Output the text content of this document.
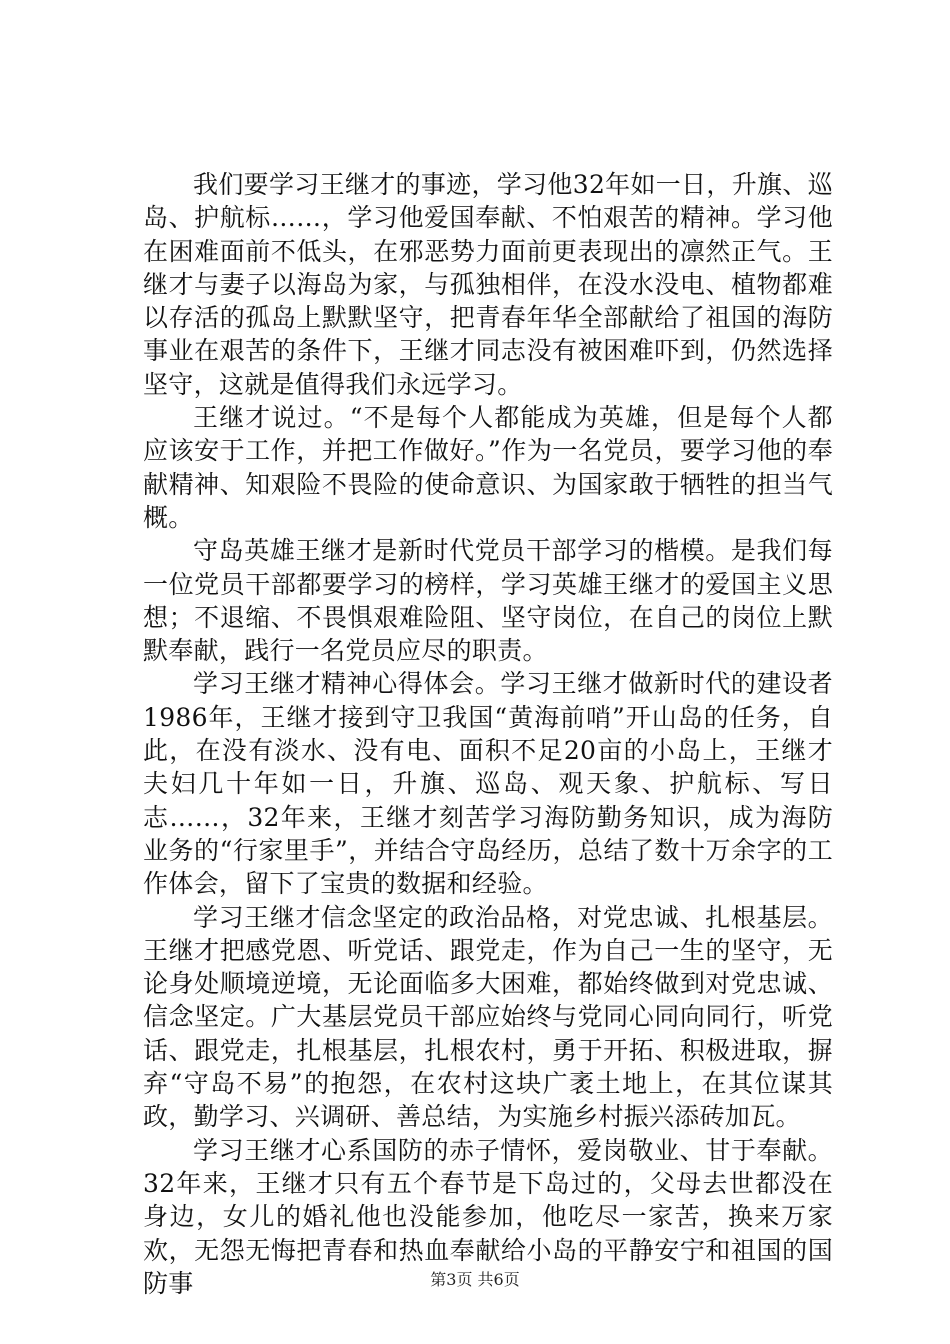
我们要学习王继才的事迹，学习他32年如一日，升旗、巡岛、护航标……，学习他爱国奉献、不怕艰苦的精神。学习他在困难面前不低头，在邪恶势力面前更表现出的凛然正气。王继才与妻子以海岛为家，与孤独相伴，在没水没电、植物都难以存活的孤岛上默默坚守，把青春年华全部献给了祖国的海防事业在艰苦的条件下，王继才同志没有被困难吓到，仍然选择坚守，这就是值得我们永远学习。

王继才说过。“不是每个人都能成为英雄，但是每个人都应该安于工作，并把工作做好。”作为一名党员，要学习他的奉献精神、知艰险不畏险的使命意识、为国家敢于牺牲的担当气概。

守岛英雄王继才是新时代党员干部学习的楷模。是我们每一位党员干部都要学习的榜样，学习英雄王继才的爱国主义思想；不退缩、不畏惧艰难险阻、坚守岗位，在自己的岗位上默默奉献，践行一名党员应尽的职责。

学习王继才精神心得体会。学习王继才做新时代的建设者1986年，王继才接到守卫我国“黄海前哨”开山岛的任务，自此，在没有淡水、没有电、面积不足20亩的小岛上，王继才夫妇几十年如一日，升旗、巡岛、观天象、护航标、写日志……，32年来，王继才刻苦学习海防勤务知识，成为海防业务的“行家里手”，并结合守岛经历，总结了数十万余字的工作体会，留下了宝贵的数据和经验。

学习王继才信念坚定的政治品格，对党忠诚、扎根基层。王继才把感党恩、听党话、跟党走，作为自己一生的坚守，无论身处顺境逆境，无论面临多大困难，都始终做到对党忠诚、信念坚定。广大基层党员干部应始终与党同心同向同行，听党话、跟党走，扎根基层，扎根农村，勇于开拓、积极进取，摒弃“守岛不易”的抱怨，在农村这块广袤土地上，在其位谋其政，勤学习、兴调研、善总结，为实施乡村振兴添砖加瓦。

学习王继才心系国防的赤子情怀，爱岗敬业、甘于奉献。32年来，王继才只有五个春节是下岛过的，父母去世都没在身边，女儿的婚礼他也没能参加，他吃尽一家苦，换来万家欢，无怨无悔把青春和热血奉献给小岛的平静安宁和祖国的国防事	第3页 共6页
